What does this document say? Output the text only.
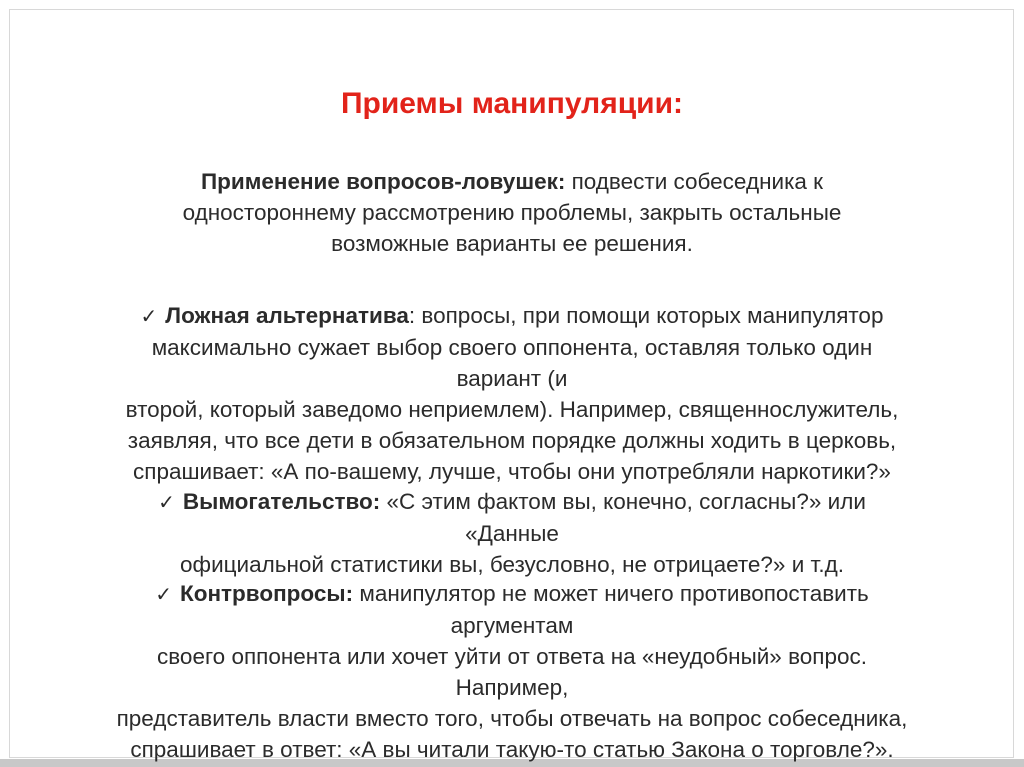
Приемы манипуляции:
Применение вопросов-ловушек: подвести собеседника к
одностороннему рассмотрению проблемы, закрыть остальные
возможные варианты ее решения.
✓ Ложная альтернатива: вопросы, при помощи которых манипулятор
максимально сужает выбор своего оппонента, оставляя только один вариант (и
второй, который заведомо неприемлем). Например, священнослужитель,
заявляя, что все дети в обязательном порядке должны ходить в церковь,
спрашивает: «А по-вашему, лучше, чтобы они употребляли наркотики?»
✓ Вымогательство: «С этим фактом вы, конечно, согласны?» или «Данные
официальной статистики вы, безусловно, не отрицаете?» и т.д.
✓ Контрвопросы: манипулятор не может ничего противопоставить аргументам
своего оппонента или хочет уйти от ответа на «неудобный» вопрос. Например,
представитель власти вместо того, чтобы отвечать на вопрос собеседника,
спрашивает в ответ: «А вы читали такую-то статью Закона о торговле?».
